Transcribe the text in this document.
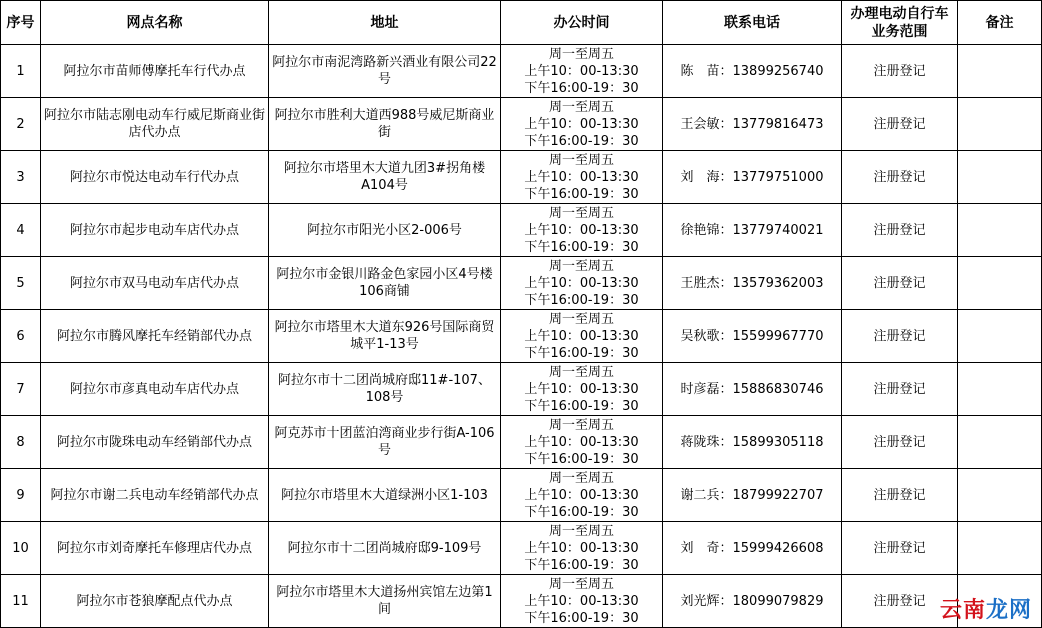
序号	网点名称	地址	办公时间	联系电话	办理电动自行车业务范围	备注
1	阿拉尔市苗师傅摩托车行代办点	阿拉尔市南泥湾路新兴酒业有限公司22号	周一至周五
上午10：00-13:30
下午16:00-19：30	陈　苗：13899256740	注册登记	
2	阿拉尔市陆志刚电动车行威尼斯商业街店代办点	阿拉尔市胜利大道西988号威尼斯商业街	周一至周五
上午10：00-13:30
下午16:00-19：30	王会敏：13779816473	注册登记	
3	阿拉尔市悦达电动车行代办点	阿拉尔市塔里木大道九团3#拐角楼A104号	周一至周五
上午10：00-13:30
下午16:00-19：30	刘　海：13779751000	注册登记	
4	阿拉尔市起步电动车店代办点	阿拉尔市阳光小区2-006号	周一至周五
上午10：00-13:30
下午16:00-19：30	徐艳锦：13779740021	注册登记	
5	阿拉尔市双马电动车店代办点	阿拉尔市金银川路金色家园小区4号楼106商铺	周一至周五
上午10：00-13:30
下午16:00-19：30	王胜杰：13579362003	注册登记	
6	阿拉尔市腾风摩托车经销部代办点	阿拉尔市塔里木大道东926号国际商贸城平1-13号	周一至周五
上午10：00-13:30
下午16:00-19：30	吴秋歌：15599967770	注册登记	
7	阿拉尔市彦真电动车店代办点	阿拉尔市十二团尚城府邸11#-107、108号	周一至周五
上午10：00-13:30
下午16:00-19：30	时彦磊：15886830746	注册登记	
8	阿拉尔市陇珠电动车经销部代办点	阿克苏市十团蓝泊湾商业步行街A-106号	周一至周五
上午10：00-13:30
下午16:00-19：30	蒋陇珠：15899305118	注册登记	
9	阿拉尔市谢二兵电动车经销部代办点	阿拉尔市塔里木大道绿洲小区1-103	周一至周五
上午10：00-13:30
下午16:00-19：30	谢二兵：18799922707	注册登记	
10	阿拉尔市刘奇摩托车修理店代办点	阿拉尔市十二团尚城府邸9-109号	周一至周五
上午10：00-13:30
下午16:00-19：30	刘　奇：15999426608	注册登记	
11	阿拉尔市苍狼摩配点代办点	阿拉尔市塔里木大道扬州宾馆左边第1间	周一至周五
上午10：00-13:30
下午16:00-19：30	刘光辉：18099079829	注册登记	云南龙网
